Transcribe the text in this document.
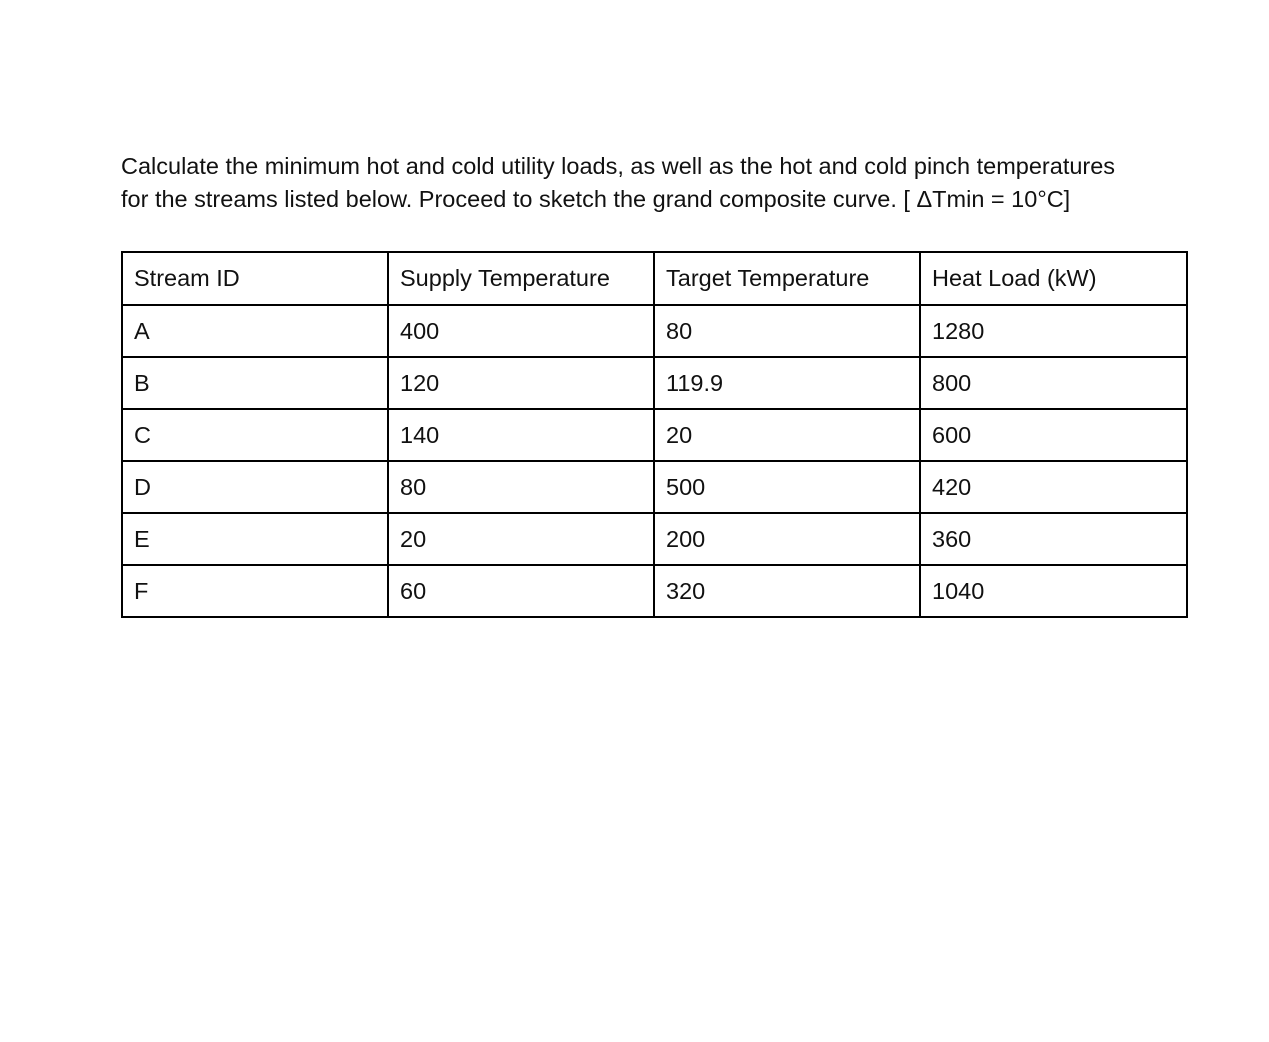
Calculate the minimum hot and cold utility loads, as well as the hot and cold pinch temperatures

for the streams listed below. Proceed to sketch the grand composite curve. [ ΔTmin = 10°C]

Stream ID	Supply Temperature	Target Temperature	Heat Load (kW)
A	400	80	1280
B	120	119.9	800
C	140	20	600
D	80	500	420
E	20	200	360
F	60	320	1040
